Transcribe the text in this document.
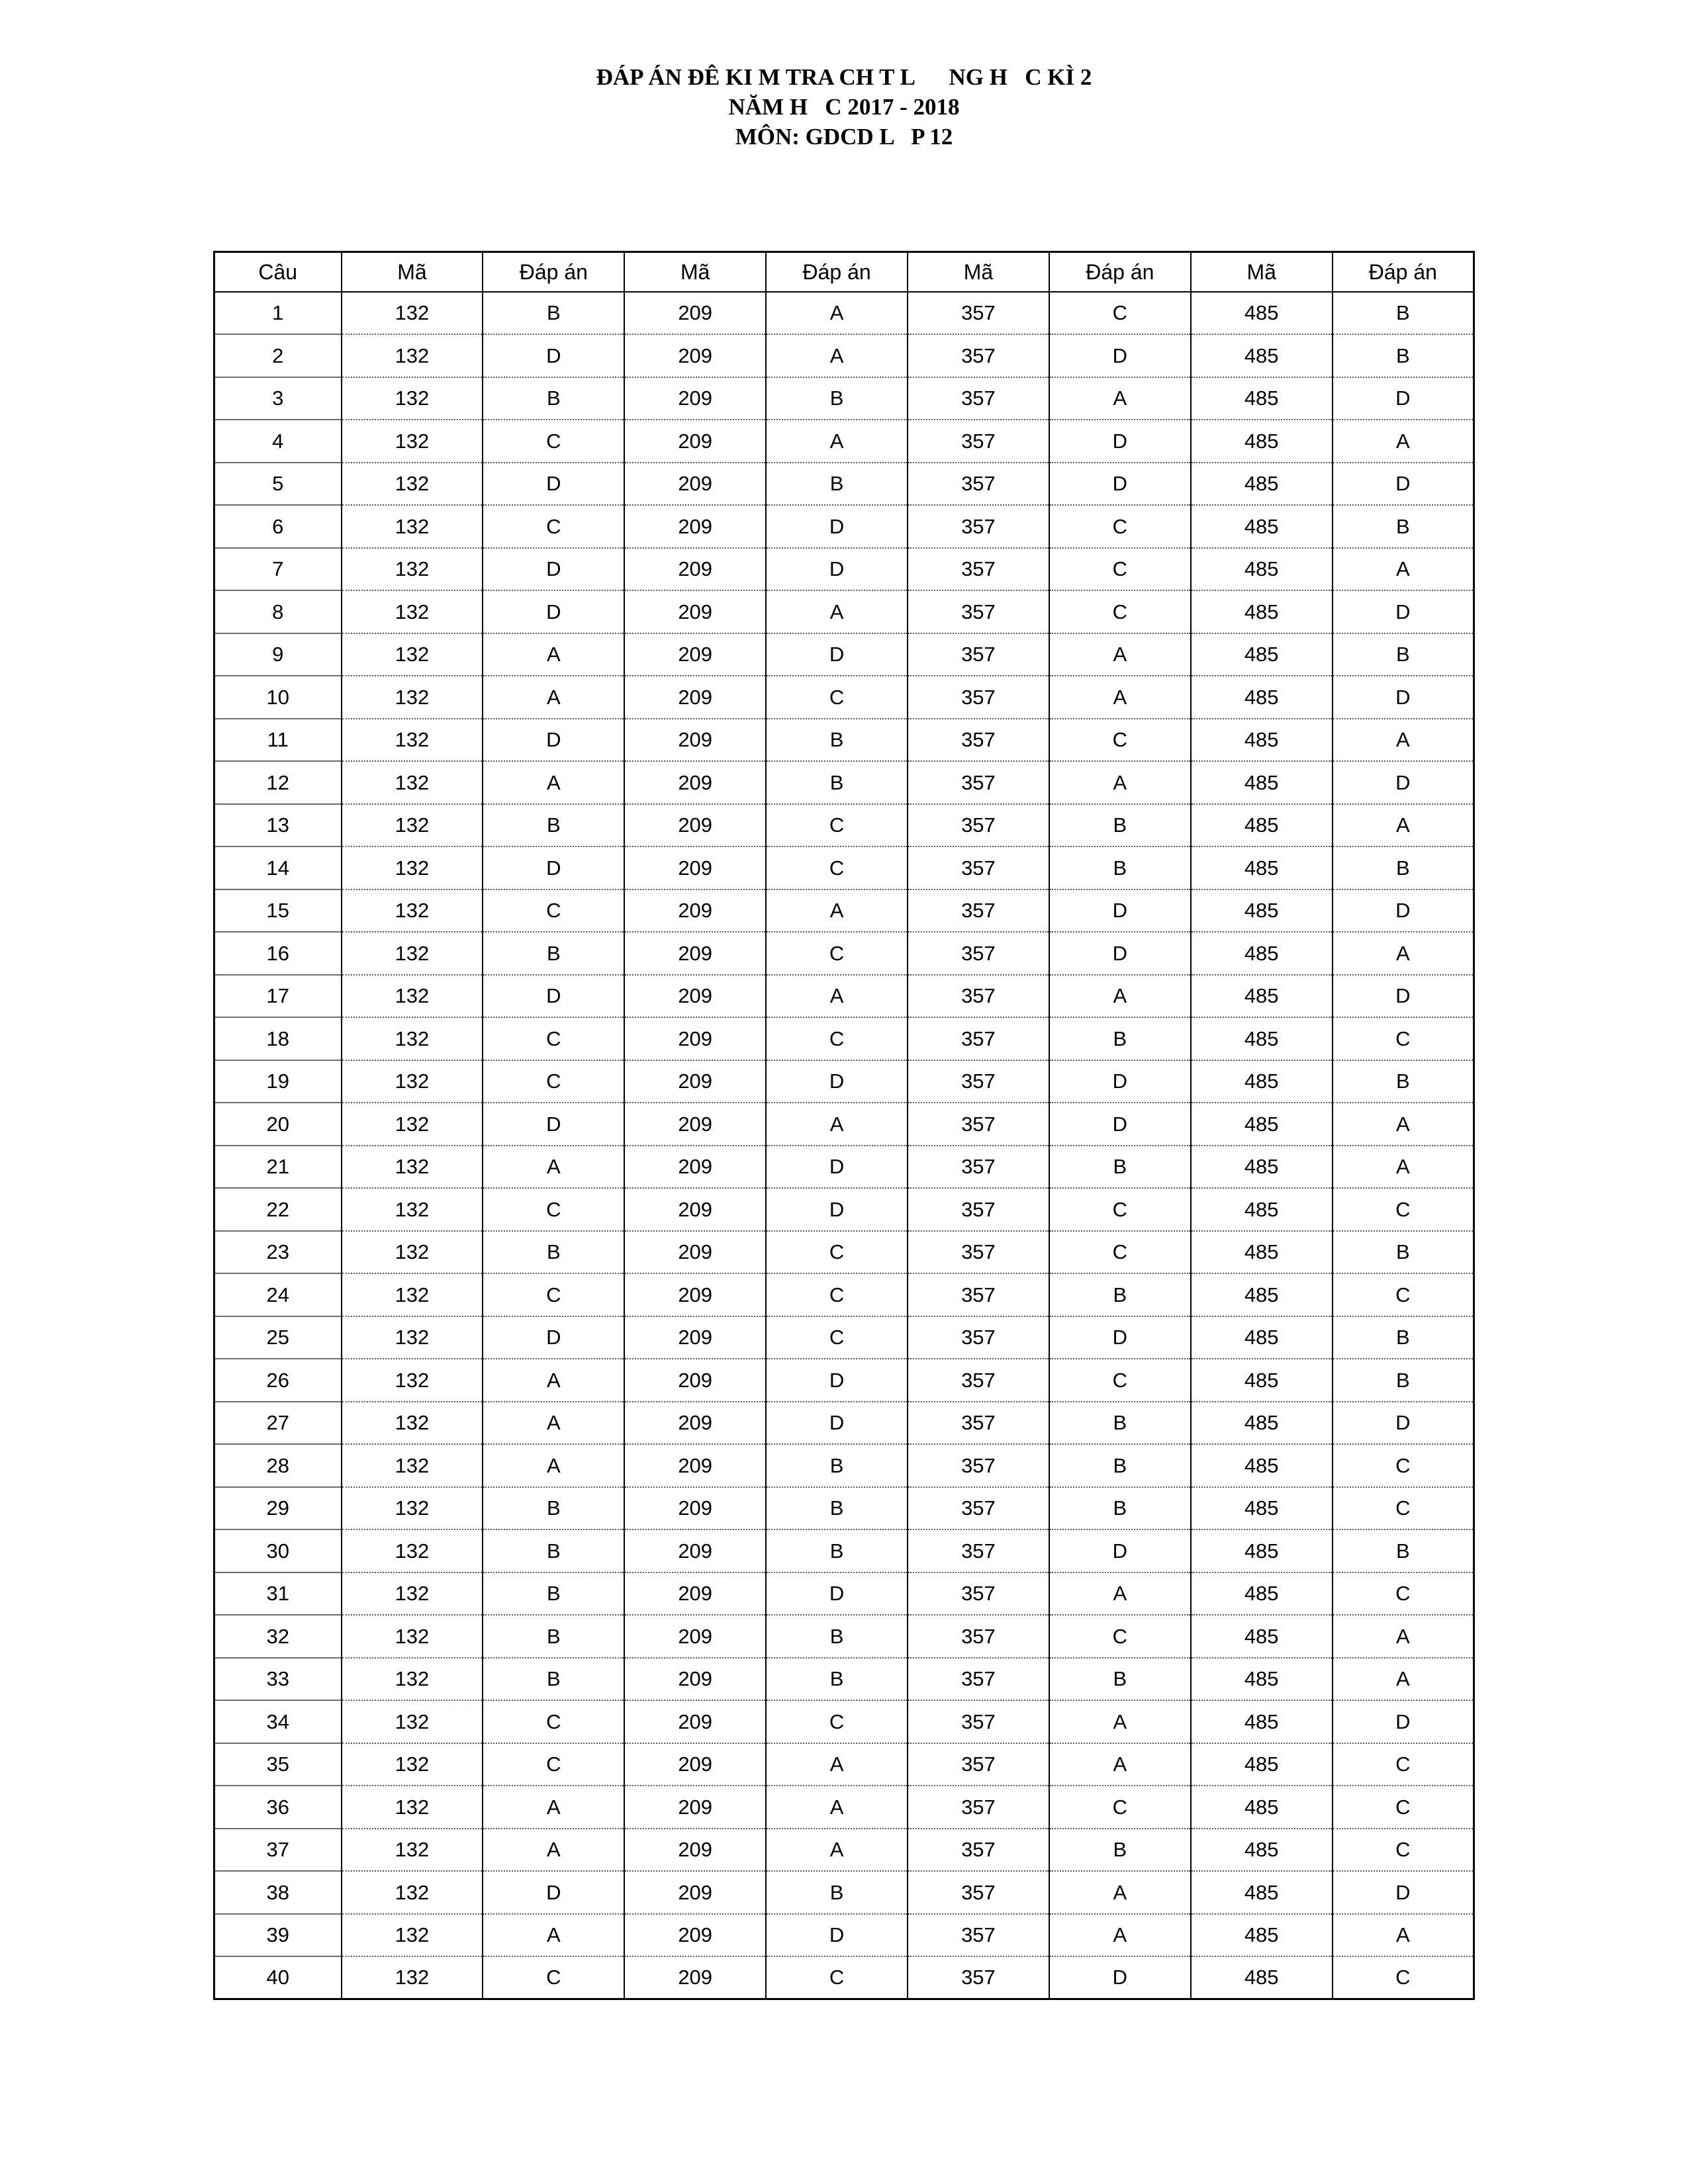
ĐÁP ÁN ĐÊ KI M TRA CH T L      NG H   C KÌ 2
NĂM H   C 2017 - 2018
MÔN: GDCD L   P 12
Câu	Mã	Đáp án	Mã	Đáp án	Mã	Đáp án	Mã	Đáp án
1	132	B	209	A	357	C	485	B
2	132	D	209	A	357	D	485	B
3	132	B	209	B	357	A	485	D
4	132	C	209	A	357	D	485	A
5	132	D	209	B	357	D	485	D
6	132	C	209	D	357	C	485	B
7	132	D	209	D	357	C	485	A
8	132	D	209	A	357	C	485	D
9	132	A	209	D	357	A	485	B
10	132	A	209	C	357	A	485	D
11	132	D	209	B	357	C	485	A
12	132	A	209	B	357	A	485	D
13	132	B	209	C	357	B	485	A
14	132	D	209	C	357	B	485	B
15	132	C	209	A	357	D	485	D
16	132	B	209	C	357	D	485	A
17	132	D	209	A	357	A	485	D
18	132	C	209	C	357	B	485	C
19	132	C	209	D	357	D	485	B
20	132	D	209	A	357	D	485	A
21	132	A	209	D	357	B	485	A
22	132	C	209	D	357	C	485	C
23	132	B	209	C	357	C	485	B
24	132	C	209	C	357	B	485	C
25	132	D	209	C	357	D	485	B
26	132	A	209	D	357	C	485	B
27	132	A	209	D	357	B	485	D
28	132	A	209	B	357	B	485	C
29	132	B	209	B	357	B	485	C
30	132	B	209	B	357	D	485	B
31	132	B	209	D	357	A	485	C
32	132	B	209	B	357	C	485	A
33	132	B	209	B	357	B	485	A
34	132	C	209	C	357	A	485	D
35	132	C	209	A	357	A	485	C
36	132	A	209	A	357	C	485	C
37	132	A	209	A	357	B	485	C
38	132	D	209	B	357	A	485	D
39	132	A	209	D	357	A	485	A
40	132	C	209	C	357	D	485	C
